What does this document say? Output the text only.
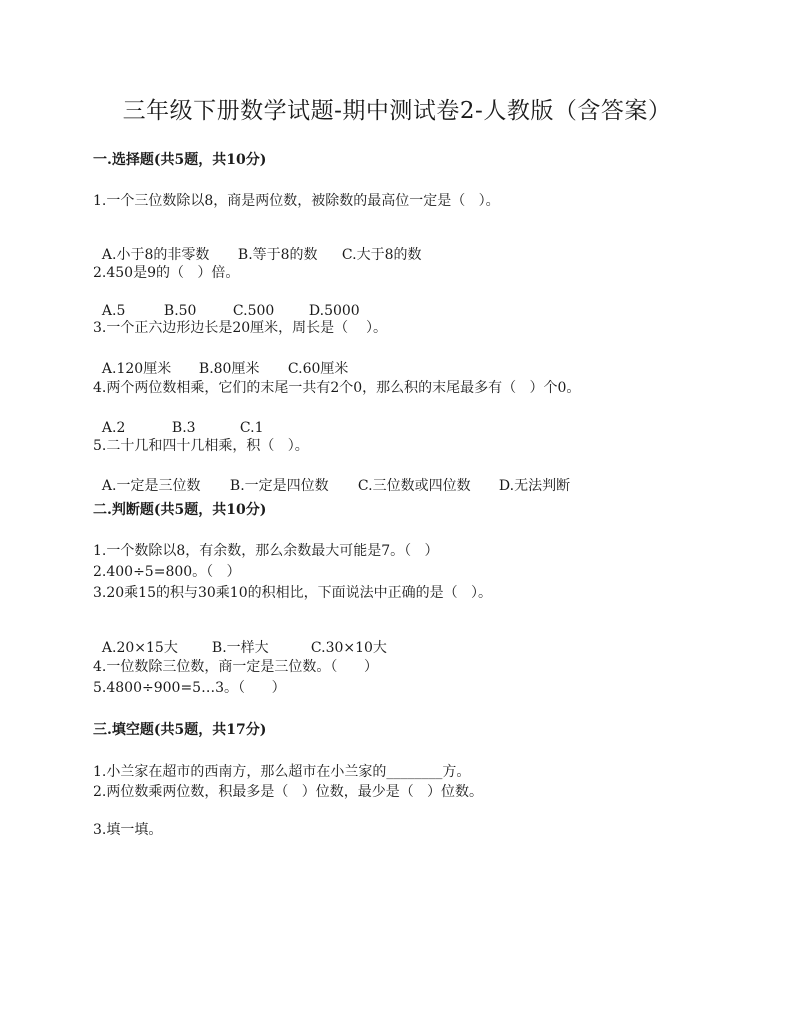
三年级下册数学试题-期中测试卷2-人教版（含答案）
一.选择题(共5题，共10分)
1.一个三位数除以8，商是两位数，被除数的最高位一定是（   ）。

A.小于8的非零数 B.等于8的数 C.大于8的数

2.450是9的（   ）倍。

A.5	B.50	C.500 D.5000

3.一个正六边形边长是20厘米，周长是（    ）。

A.120厘米 B.80厘米 C.60厘米

4.两个两位数相乘，它们的末尾一共有2个0，那么积的末尾最多有（   ）个0。

A.2	B.3	C.1

5.二十几和四十几相乘，积（   ）。

A.一定是三位数 B.一定是四位数 C.三位数或四位数 D.无法判断

二.判断题(共5题，共10分)
1.一个数除以8，有余数，那么余数最大可能是7。（   ）
2.400÷5=800。（   ）
3.20乘15的积与30乘10的积相比，下面说法中正确的是（   ）。

A.20×15大 B.一样大	C.30×10大

4.一位数除三位数，商一定是三位数。（      ）
5.4800÷900=5…3。（      ）
三.填空题(共5题，共17分)
1.小兰家在超市的西南方，那么超市在小兰家的________方。
2.两位数乘两位数，积最多是（   ）位数，最少是（   ）位数。
3.填一填。
